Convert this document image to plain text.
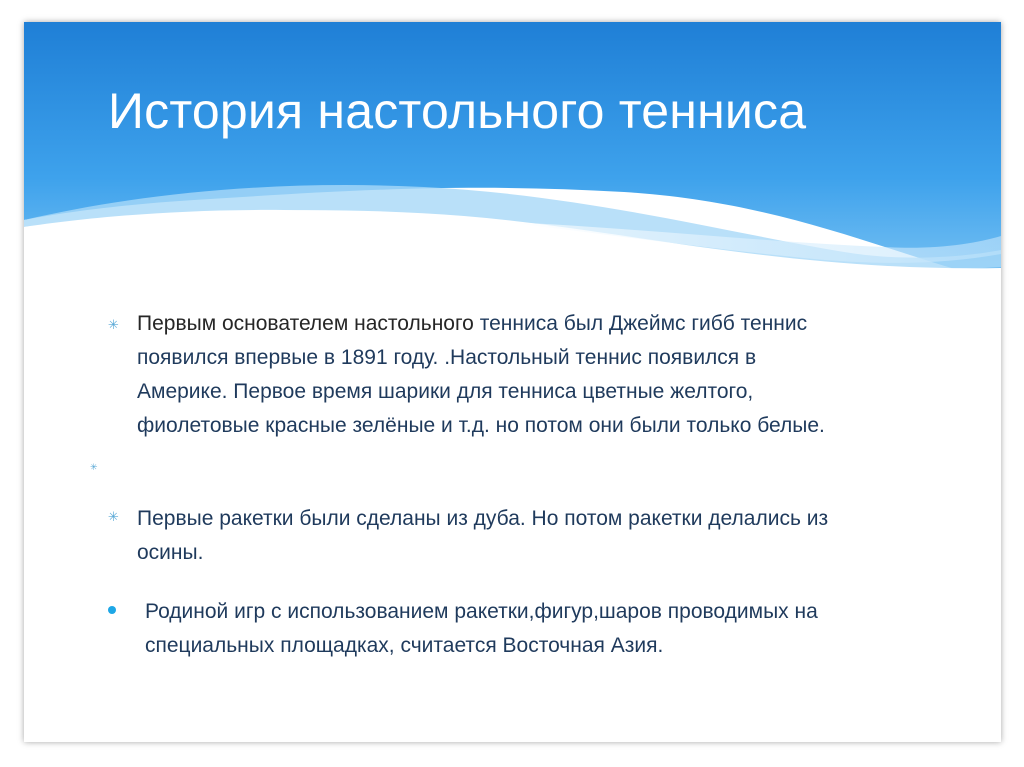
История настольного тенниса
✳ Первым основателем настольного тенниса был Джеймс гибб теннис
появился впервые в 1891 году. .Настольный теннис появился в
Америке. Первое время шарики для тенниса цветные желтого,
фиолетовые красные зелёные и т.д. но потом они были только белые.
✳
✳ Первые ракетки были сделаны из дуба. Но потом ракетки делались из
осины.
Родиной игр с использованием ракетки,фигур,шаров проводимых на
специальных площадках, считается Восточная Азия.
